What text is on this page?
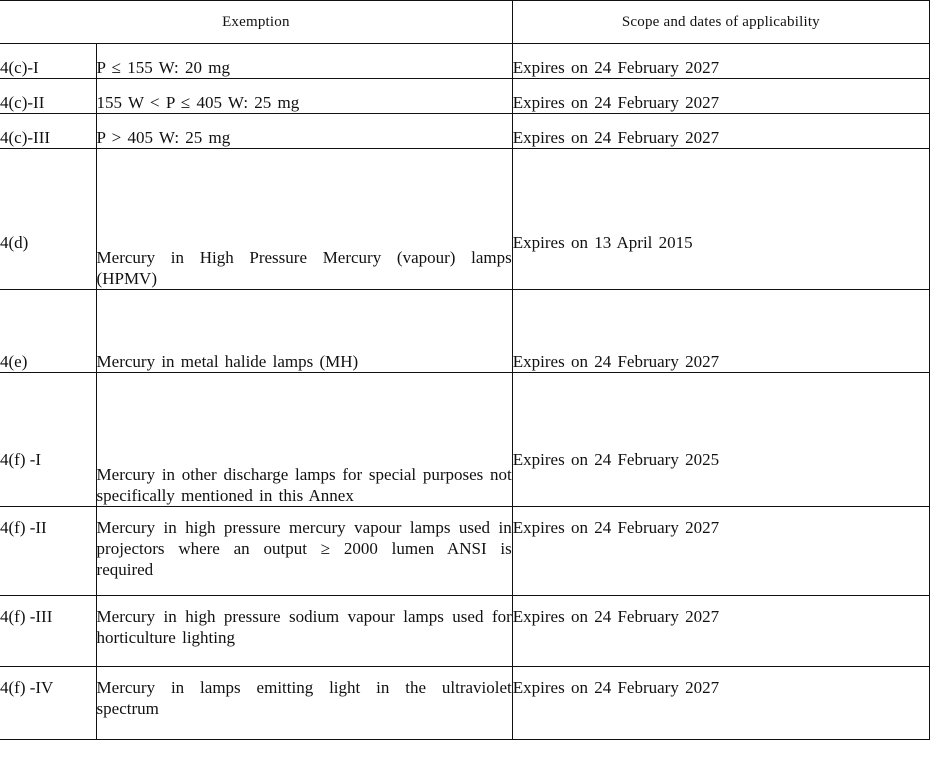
Exemption		Scope and dates of applicability
4(c)-I	P ≤ 155 W: 20 mg	Expires on 24 February 2027
4(c)-II	155 W < P ≤ 405 W: 25 mg	Expires on 24 February 2027
4(c)-III	P > 405 W: 25 mg	Expires on 24 February 2027
4(d)	Mercury in High Pressure Mercury (vapour) lamps (HPMV)	Expires on 13 April 2015
4(e)	Mercury in metal halide lamps (MH)	Expires on 24 February 2027
4(f) -I	Mercury in other discharge lamps for special purposes not specifically mentioned in this Annex	Expires on 24 February 2025
4(f) -II	Mercury in high pressure mercury vapour lamps used in projectors where an output ≥ 2000 lumen ANSI is required	Expires on 24 February 2027
4(f) -III	Mercury in high pressure sodium vapour lamps used for horticulture lighting	Expires on 24 February 2027
4(f) -IV	Mercury in lamps emitting light in the ultraviolet spectrum	Expires on 24 February 2027
